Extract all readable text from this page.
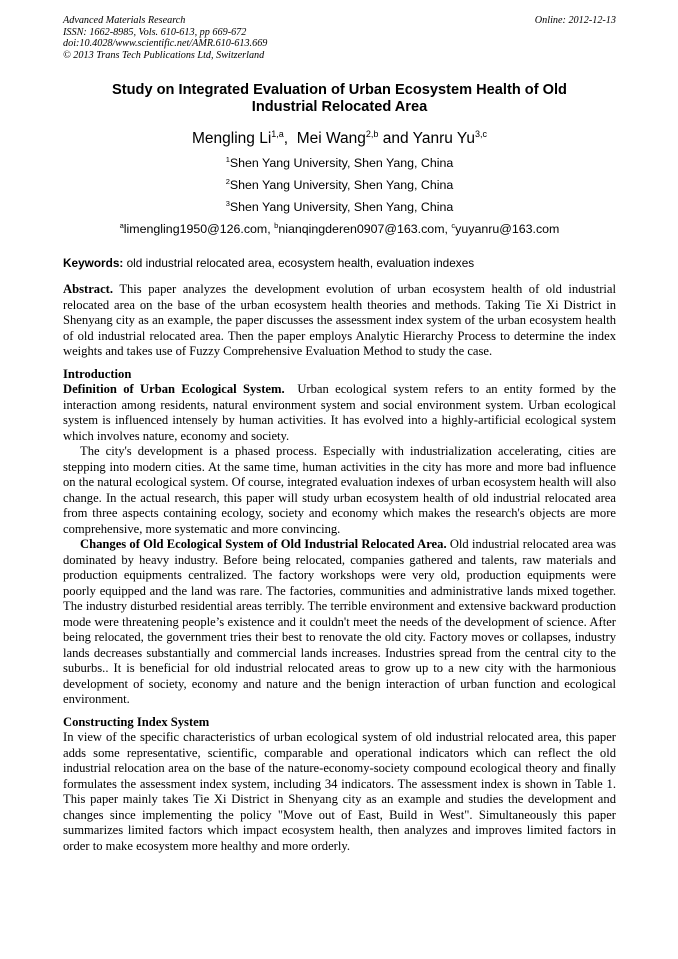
Advanced Materials Research
ISSN: 1662-8985, Vols. 610-613, pp 669-672
doi:10.4028/www.scientific.net/AMR.610-613.669
© 2013 Trans Tech Publications Ltd, Switzerland
Online: 2012-12-13
Study on Integrated Evaluation of Urban Ecosystem Health of Old
Industrial Relocated Area
Mengling Li$^{1,a}$,  Mei Wang$^{2,b}$ and Yanru Yu$^{3,c}$
$^1$Shen Yang University, Shen Yang, China
$^2$Shen Yang University, Shen Yang, China
$^3$Shen Yang University, Shen Yang, China
$^a$limengling1950@126.com, $^b$nianqingderen0907@163.com, $^c$yuyanru@163.com
Keywords: old industrial relocated area, ecosystem health, evaluation indexes

Abstract. This paper analyzes the development evolution of urban ecosystem health of old industrial relocated area on the base of the urban ecosystem health theories and methods. Taking Tie Xi District in Shenyang city as an example, the paper discusses the assessment index system of the urban ecosystem health of old industrial relocated area. Then the paper employs Analytic Hierarchy Process to determine the index weights and takes use of Fuzzy Comprehensive Evaluation Method to study the case.

Introduction

Definition of Urban Ecological System.  Urban ecological system refers to an entity formed by the interaction among residents, natural environment system and social environment system. Urban ecological system is influenced intensely by human activities. It has evolved into a highly-artificial ecological system which involves nature, economy and society.

The city's development is a phased process. Especially with industrialization accelerating, cities are stepping into modern cities. At the same time, human activities in the city has more and more bad influence on the natural ecological system. Of course, integrated evaluation indexes of urban ecosystem health will also change. In the actual research, this paper will study urban ecosystem health of old industrial relocated area from three aspects containing ecology, society and economy which makes the research's objects are more comprehensive, more systematic and more convincing.

Changes of Old Ecological System of Old Industrial Relocated Area. Old industrial relocated area was dominated by heavy industry. Before being relocated, companies gathered and talents, raw materials and production equipments centralized. The factory workshops were very old, production equipments were poorly equipped and the land was rare. The factories, communities and administrative lands mixed together. The industry disturbed residential areas terribly. The terrible environment and extensive backward production mode were threatening people’s existence and it couldn't meet the needs of the development of science. After being relocated, the government tries their best to renovate the old city. Factory moves or collapses, industry lands decreases substantially and commercial lands increases. Industries spread from the central city to the suburbs.. It is beneficial for old industrial relocated areas to grow up to a new city with the harmonious development of society, economy and nature and the benign interaction of urban function and ecological environment.

Constructing Index System

In view of the specific characteristics of urban ecological system of old industrial relocated area, this paper adds some representative, scientific, comparable and operational indicators which can reflect the old industrial relocation area on the base of the nature-economy-society compound ecological theory and finally formulates the assessment index system, including 34 indicators. The assessment index is shown in Table 1. This paper mainly takes Tie Xi District in Shenyang city as an example and studies the development and changes since implementing the policy "Move out of East, Build in West". Simultaneously this paper summarizes limited factors which impact ecosystem health, then analyzes and improves limited factors in order to make ecosystem more healthy and more orderly.
